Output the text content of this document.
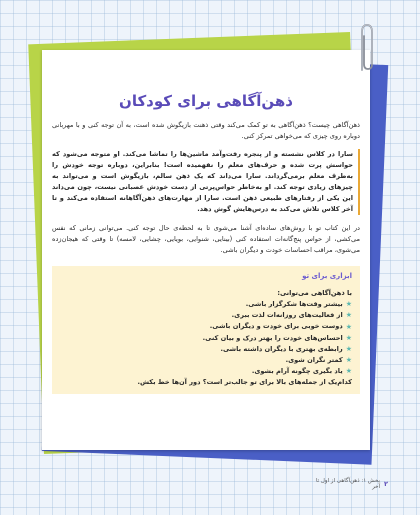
ذهن‌آگاهی برای کودکان
ذهن‌آگاهی چیست؟ ذهن‌آگاهی به تو کمک می‌کند وقتی ذهنت بازیگوش شده است، به آن توجه کنی و با مهربانی دوباره روی چیزی که می‌خواهی تمرکز کنی.
سارا در کلاس نشسته و از پنجره رفت‌وآمد ماشین‌ها را تماشا می‌کند. او متوجه می‌شود که حواسش پرت شده و حرف‌های معلم را نفهمیده است! بنابراین، دوباره توجه خودش را به‌طرف معلم برمی‌گرداند. سارا می‌داند که یک ذهن سالم، بازیگوش است و می‌تواند به چیزهای زیادی توجه کند. او به‌خاطر حواس‌پرتی از دست خودش عصبانی نیست، چون می‌داند این یکی از رفتارهای طبیعی ذهن است. سارا از مهارت‌های ذهن‌آگاهانه استفاده می‌کند و تا آخر کلاس تلاش می‌کند به درس‌هایش گوش دهد.
در این کتاب تو با روش‌های ساده‌ای آشنا می‌شوی تا به لحظه‌ی حال توجه کنی. می‌توانی زمانی که نفس می‌کشی، از حواس پنج‌گانه‌ات استفاده کنی (بینایی، شنوایی، بویایی، چشایی، لامسه) تا وقتی که هیجان‌زده می‌شوی، مراقب احساسات خودت و دیگران باشی.
ابزاری برای تو
با ذهن‌آگاهی می‌توانی:
★
بیشتر وقت‌ها شکرگزار باشی.
★
از فعالیت‌های روزانه‌ات لذت ببری.
★
دوست خوبی برای خودت و دیگران باشی.
★
احساس‌های خودت را بهتر درک و بیان کنی.
★
رابطه‌ی بهتری با دیگران داشته باشی.
★
کمتر نگران شوی.
★
یاد بگیری چگونه آرام بشوی.
کدام‌یک از جمله‌های بالا برای تو جالب‌تر است؟ دور آن‌ها خط بکش.
۲
بخش ۱: ذهن‌آگاهی از اول تا آخر
